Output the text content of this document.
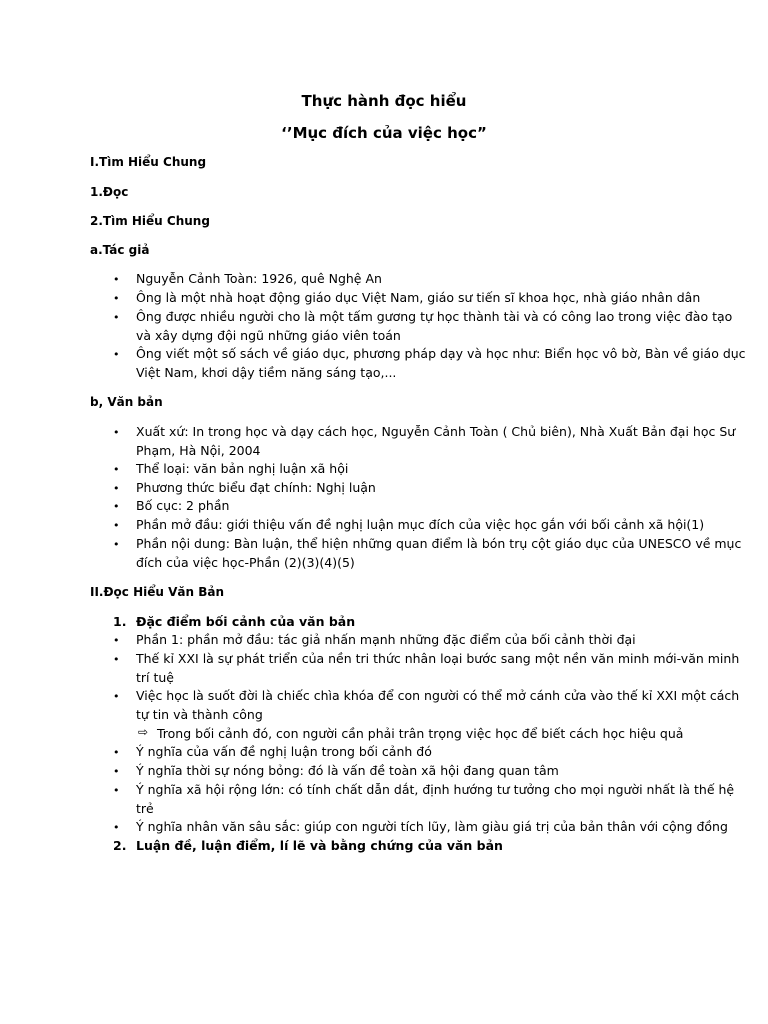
Thực hành đọc hiểu
‘’Mục đích của việc học”
I.Tìm Hiểu Chung
1.Đọc
2.Tìm Hiểu Chung
a.Tác giả
• Nguyễn Cảnh Toàn: 1926, quê Nghệ An
• Ông là một nhà hoạt động giáo dục Việt Nam, giáo sư tiến sĩ khoa học, nhà giáo nhân dân
• Ông được nhiều người cho là một tấm gương tự học thành tài và có công lao trong việc đào tạo
và xây dựng đội ngũ những giáo viên toán
• Ông viết một số sách về giáo dục, phương pháp dạy và học như: Biển học vô bờ, Bàn về giáo dục
Việt Nam, khơi dậy tiềm năng sáng tạo,...
b, Văn bản
• Xuất xứ: In trong học và dạy cách học, Nguyễn Cảnh Toàn ( Chủ biên), Nhà Xuất Bản đại học Sư
Phạm, Hà Nội, 2004
• Thể loại: văn bản nghị luận xã hội
• Phương thức biểu đạt chính: Nghị luận
• Bố cục: 2 phần
• Phần mở đầu: giới thiệu vấn đề nghị luận mục đích của việc học gắn với bối cảnh xã hội(1)
• Phần nội dung: Bàn luận, thể hiện những quan điểm là bón trụ cột giáo dục của UNESCO về mục
đích của việc học-Phần (2)(3)(4)(5)
II.Đọc Hiểu Văn Bản
1. Đặc điểm bối cảnh của văn bản
• Phần 1: phần mở đầu: tác giả nhấn mạnh những đặc điểm của bối cảnh thời đại
• Thế kỉ XXI là sự phát triển của nền tri thức nhân loại bước sang một nền văn minh mới-văn minh
trí tuệ
• Việc học là suốt đời là chiếc chìa khóa để con người có thể mở cánh cửa vào thế kỉ XXI một cách
tự tin và thành công
⇨ Trong bối cảnh đó, con người cần phải trân trọng việc học để biết cách học hiệu quả
• Ý nghĩa của vấn đề nghị luận trong bối cảnh đó
• Ý nghĩa thời sự nóng bỏng: đó là vấn đề toàn xã hội đang quan tâm
• Ý nghĩa xã hội rộng lớn: có tính chất dẫn dắt, định hướng tư tưởng cho mọi người nhất là thế hệ
trẻ
• Ý nghĩa nhân văn sâu sắc: giúp con người tích lũy, làm giàu giá trị của bản thân với cộng đồng
2. Luận đề, luận điểm, lí lẽ và bằng chứng của văn bản
